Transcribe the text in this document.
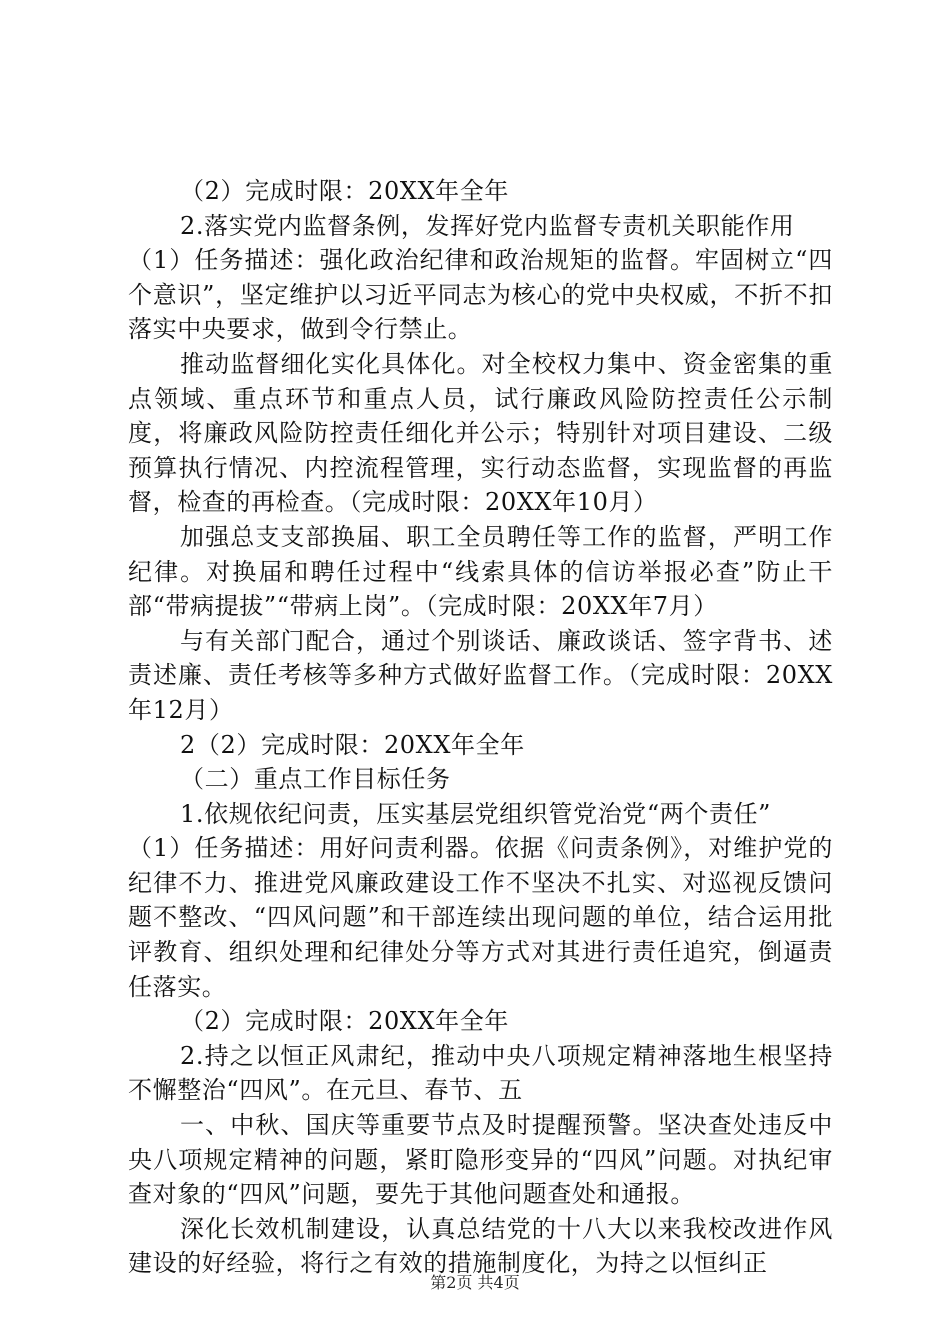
（2）完成时限：20XX年全年

2.落实党内监督条例，发挥好党内监督专责机关职能作用

（1）任务描述：强化政治纪律和政治规矩的监督。牢固树立“四个意识”，坚定维护以习近平同志为核心的党中央权威，不折不扣落实中央要求，做到令行禁止。

推动监督细化实化具体化。对全校权力集中、资金密集的重点领域、重点环节和重点人员，试行廉政风险防控责任公示制度，将廉政风险防控责任细化并公示；特别针对项目建设、二级预算执行情况、内控流程管理，实行动态监督，实现监督的再监督，检查的再检查。（完成时限：20XX年10月）

加强总支支部换届、职工全员聘任等工作的监督，严明工作纪律。对换届和聘任过程中“线索具体的信访举报必查”防止干部“带病提拔”“带病上岗”。（完成时限：20XX年7月）

与有关部门配合，通过个别谈话、廉政谈话、签字背书、述责述廉、责任考核等多种方式做好监督工作。（完成时限：20XX年12月）

2（2）完成时限：20XX年全年

（二）重点工作目标任务

1.依规依纪问责，压实基层党组织管党治党“两个责任”

（1）任务描述：用好问责利器。依据《问责条例》，对维护党的纪律不力、推进党风廉政建设工作不坚决不扎实、对巡视反馈问题不整改、“四风问题”和干部连续出现问题的单位，结合运用批评教育、组织处理和纪律处分等方式对其进行责任追究，倒逼责任落实。

（2）完成时限：20XX年全年

2.持之以恒正风肃纪，推动中央八项规定精神落地生根坚持不懈整治“四风”。在元旦、春节、五

一、中秋、国庆等重要节点及时提醒预警。坚决查处违反中央八项规定精神的问题，紧盯隐形变异的“四风”问题。对执纪审查对象的“四风”问题，要先于其他问题查处和通报。

深化长效机制建设，认真总结党的十八大以来我校改进作风建设的好经验，将行之有效的措施制度化，为持之以恒纠正

第2页 共4页
